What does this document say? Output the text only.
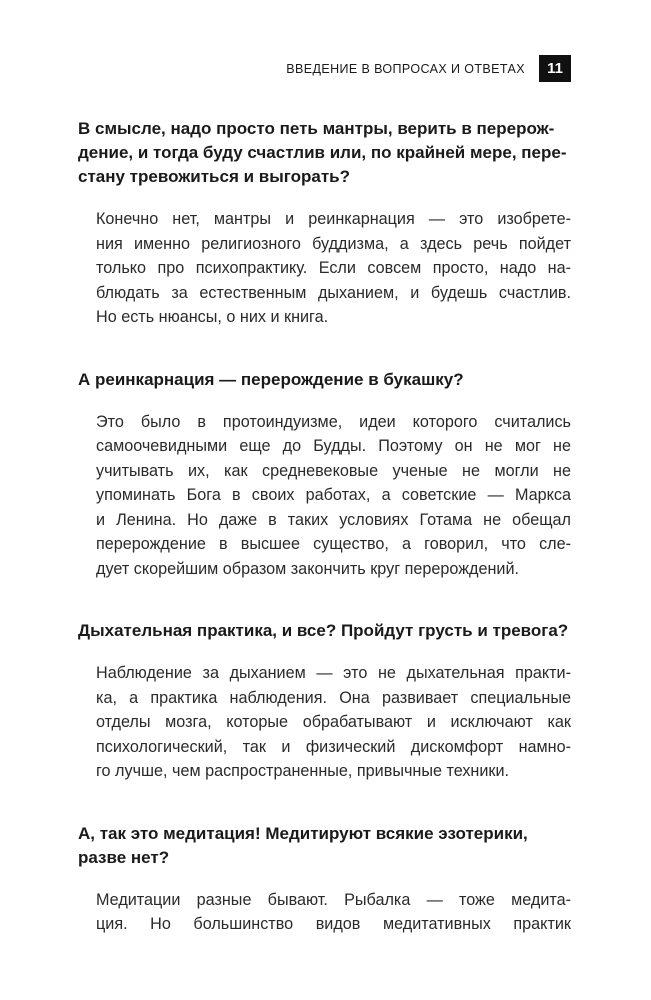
ВВЕДЕНИЕ В ВОПРОСАХ И ОТВЕТАХ	11

В смысле, надо просто петь мантры, верить в перерож-
дение, и тогда буду счастлив или, по крайней мере, пере-
стану тревожиться и выгорать?

Конечно нет, мантры и реинкарнация — это изобрете-
ния именно религиозного буддизма, а здесь речь пойдет
только про психопрактику. Если совсем просто, надо на-
блюдать за естественным дыханием, и будешь счастлив.
Но есть нюансы, о них и книга.

А реинкарнация — перерождение в букашку?

Это было в протоиндуизме, идеи которого считались
самоочевидными еще до Будды. Поэтому он не мог не
учитывать их, как средневековые ученые не могли не
упоминать Бога в своих работах, а советские — Маркса
и Ленина. Но даже в таких условиях Готама не обещал
перерождение в высшее существо, а говорил, что сле-
дует скорейшим образом закончить круг перерождений.

Дыхательная практика, и все? Пройдут грусть и тревога?

Наблюдение за дыханием — это не дыхательная практи-
ка, а практика наблюдения. Она развивает специальные
отделы мозга, которые обрабатывают и исключают как
психологический, так и физический дискомфорт намно-
го лучше, чем распространенные, привычные техники.

А, так это медитация! Медитируют всякие эзотерики,
разве нет?

Медитации разные бывают. Рыбалка — тоже медита-
ция. Но большинство видов медитативных практик
